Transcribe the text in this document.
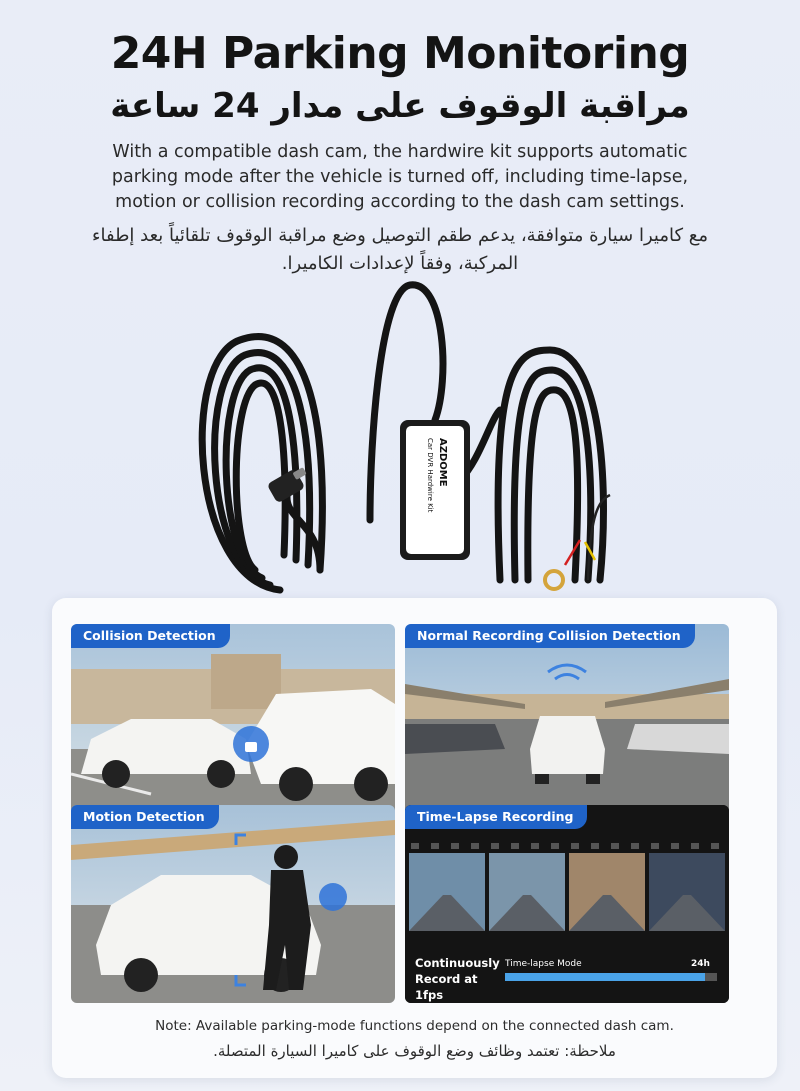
24H Parking Monitoring
مراقبة الوقوف على مدار 24 ساعة
With a compatible dash cam, the hardwire kit supports automatic parking mode after the vehicle is turned off, including time-lapse, motion or collision recording according to the dash cam settings.
مع كاميرا سيارة متوافقة، يدعم طقم التوصيل وضع مراقبة الوقوف تلقائياً بعد إطفاء المركبة، وفقاً لإعدادات الكاميرا.
AZDOME
Car DVR Hardwire Kit
Collision Detection	Normal Recording Collision Detection
Motion Detection	Time-Lapse Recording
Continuously Record at 1fps
Time-lapse Mode	24h
Note: Available parking-mode functions depend on the connected dash cam.
ملاحظة: تعتمد وظائف وضع الوقوف على كاميرا السيارة المتصلة.
